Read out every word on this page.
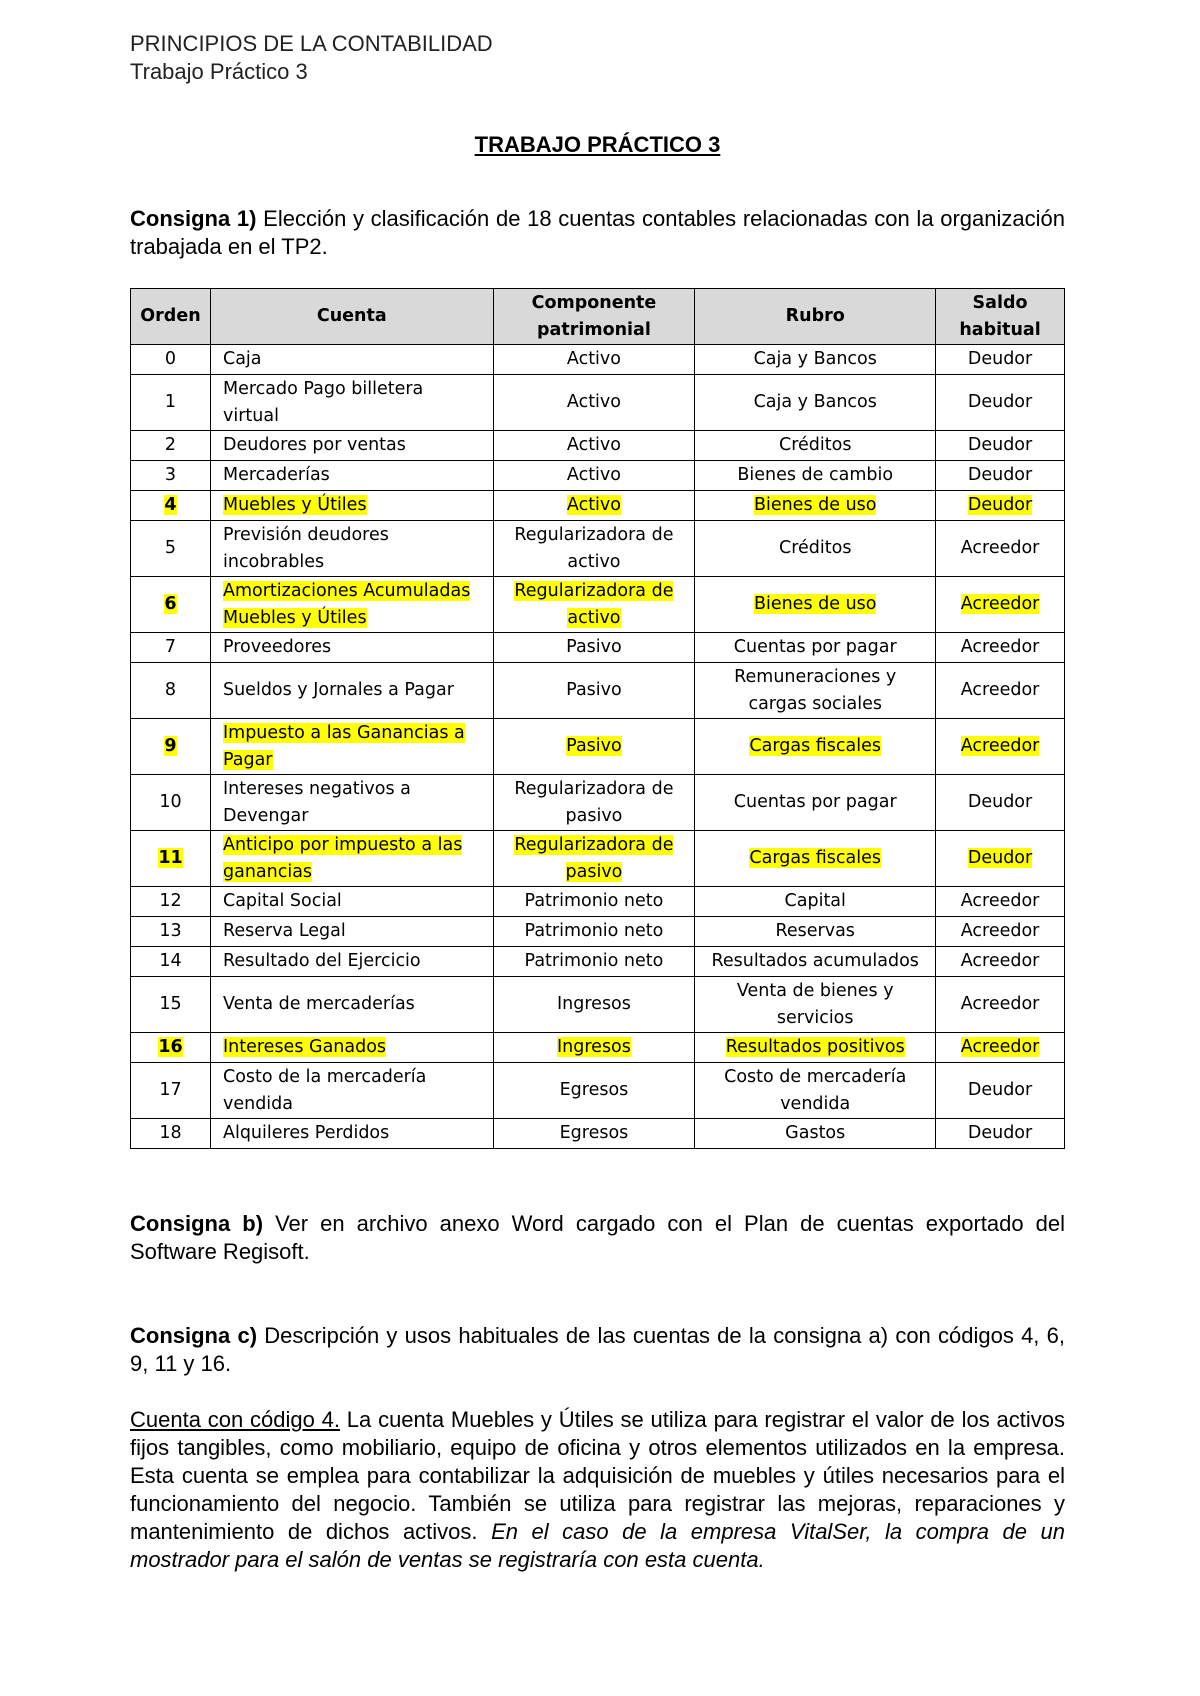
PRINCIPIOS DE LA CONTABILIDAD
Trabajo Práctico 3
TRABAJO PRÁCTICO 3
Consigna 1) Elección y clasificación de 18 cuentas contables relacionadas con la organización trabajada en el TP2.
Orden	Cuenta	Componente patrimonial	Rubro	Saldo habitual
0	Caja	Activo	Caja y Bancos	Deudor
1	Mercado Pago billetera virtual	Activo	Caja y Bancos	Deudor
2	Deudores por ventas	Activo	Créditos	Deudor
3	Mercaderías	Activo	Bienes de cambio	Deudor
4	Muebles y Útiles	Activo	Bienes de uso	Deudor
5	Previsión deudores incobrables	Regularizadora de activo	Créditos	Acreedor
6	Amortizaciones Acumuladas Muebles y Útiles	Regularizadora de activo	Bienes de uso	Acreedor
7	Proveedores	Pasivo	Cuentas por pagar	Acreedor
8	Sueldos y Jornales a Pagar	Pasivo	Remuneraciones y cargas sociales	Acreedor
9	Impuesto a las Ganancias a Pagar	Pasivo	Cargas fiscales	Acreedor
10	Intereses negativos a Devengar	Regularizadora de pasivo	Cuentas por pagar	Deudor
11	Anticipo por impuesto a las ganancias	Regularizadora de pasivo	Cargas fiscales	Deudor
12	Capital Social	Patrimonio neto	Capital	Acreedor
13	Reserva Legal	Patrimonio neto	Reservas	Acreedor
14	Resultado del Ejercicio	Patrimonio neto	Resultados acumulados	Acreedor
15	Venta de mercaderías	Ingresos	Venta de bienes y servicios	Acreedor
16	Intereses Ganados	Ingresos	Resultados positivos	Acreedor
17	Costo de la mercadería vendida	Egresos	Costo de mercadería vendida	Deudor
18	Alquileres Perdidos	Egresos	Gastos	Deudor
Consigna b) Ver en archivo anexo Word cargado con el Plan de cuentas exportado del Software Regisoft.
Consigna c) Descripción y usos habituales de las cuentas de la consigna a) con códigos 4, 6, 9, 11 y 16.
Cuenta con código 4. La cuenta Muebles y Útiles se utiliza para registrar el valor de los activos fijos tangibles, como mobiliario, equipo de oficina y otros elementos utilizados en la empresa. Esta cuenta se emplea para contabilizar la adquisición de muebles y útiles necesarios para el funcionamiento del negocio. También se utiliza para registrar las mejoras, reparaciones y mantenimiento de dichos activos. En el caso de la empresa VitalSer, la compra de un mostrador para el salón de ventas se registraría con esta cuenta.
